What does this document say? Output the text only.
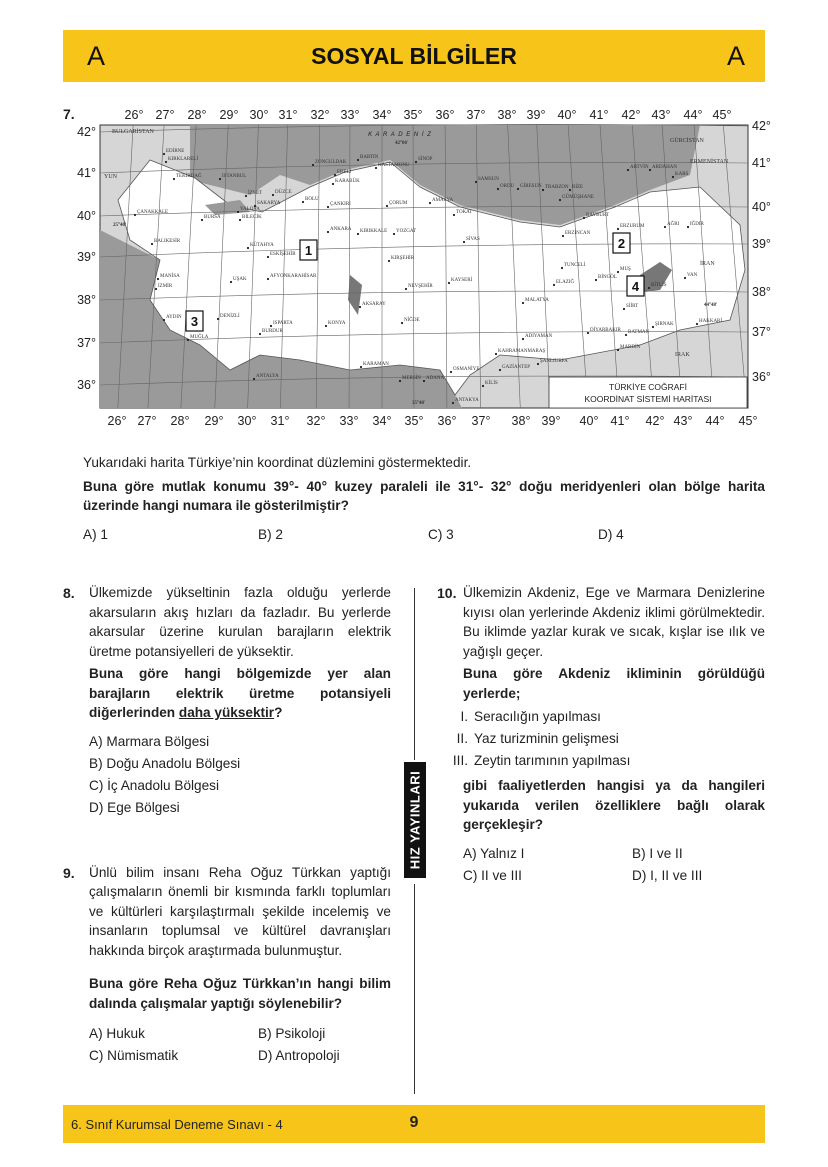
A	SOSYAL BİLGİLER	A
7.	26°
26°
27°
27°
28°
28°
29°
29°
30°
30°
31°
31°
32°
32°
33°
33°
34°
34°
35°
35°
36°
36°
37°
37°
38°
38°
39°
39°
40°
40°
41°
41°
42°
42°
43°
43°
44°
44°
45°
45°
42°	42°
41°
41°
40°
40°
39°
39°
38°
38°
37°
37°
36°
36°
1	2
3
4
TÜRKİYE COĞRAFİ
KOORDİNAT SİSTEMİ HARİTASI
K A R A D E N İ Z
BULGARİSTAN
YUN
GÜRCİSTAN
ERMENİSTAN
İRAN
IRAK
42°06'
25°40'
44°48'
35°48'
EDİRNE
KIRKLARELİ
TEKİRDAĞ	İSTANBUL
ZONGULDAK
ERELİ
BARTIN
KASTAMONU
SİNOP
KARABÜK	SAMSUN
ARTVİN ARDAHAN
KARS
ORDU GİRESUN TRABZON RİZE
GÜMÜŞHANE
İZMİT	DÜZCE
SAKARYA
BOLU
YALOVA
ÇANKIRI	ÇORUM
AMASYA
TOKAT
BAYBURT
AĞRI IĞDIR
ÇANAKKALE
BURSA	BİLECİK
ANKARA KIRIKKALE YOZGAT
SİVAS
ERZİNCAN
ERZURUM
BALIKESİR
KÜTAHYA
ESKİŞEHİR
KIRŞEHİR
TUNCELİ
BİNGÖL
MUŞ
VAN
MANİSA
İZMİR
UŞAK
AFYONKARAHİSAR
NEVŞEHİR
KAYSERİ	ELAZIĞ
BİTLİS
AKSARAY
MALATYA
SİİRT
AYDIN	DENİZLİ
ISPARTA
BURDUR
KONYA
NİĞDE
ADIYAMAN
DİYARBAKIR BATMAN
ŞIRNAK
HAKKARİ
MUĞLA
KAHRAMANMARAŞ
ŞANLIURFA
MARDİN
OSMANİYE	GAZİANTEP
KARAMAN
ANTALYA	MERSİN ADANA
KİLİS
ANTAKYA
Yukarıdaki harita Türkiye’nin koordinat düzlemini göstermektedir.
Buna göre mutlak konumu 39°- 40° kuzey paraleli ile 31°- 32° doğu meridyenleri olan bölge harita üzerinde hangi numara ile gösterilmiştir?
A) 1	B) 2	C) 3	D) 4
8. Ülkemizde yükseltinin fazla olduğu yerlerde akarsuların akış hızları da fazladır. Bu yerlerde akarsular üzerine kurulan barajların elektrik üretme potansiyelleri de yüksektir.
Buna göre hangi bölgemizde yer alan barajların elektrik üretme potansiyeli diğerlerinden daha yüksektir?
A) Marmara Bölgesi
B) Doğu Anadolu Bölgesi
C) İç Anadolu Bölgesi
D) Ege Bölgesi
9. Ünlü bilim insanı Reha Oğuz Türkkan yaptığı çalışmaların önemli bir kısmında farklı toplumları ve kültürleri karşılaştırmalı şekilde incelemiş ve insanların toplumsal ve kültürel davranışları hakkında birçok araştırmada bulunmuştur.
Buna göre Reha Oğuz Türkkan’ın hangi bilim dalında çalışmalar yaptığı söylenebilir?
A) Hukuk	B) Psikoloji
C) Nümismatik	D) Antropoloji
HIZ YAYINLARI
10. Ülkemizin Akdeniz, Ege ve Marmara Denizlerine kıyısı olan yerlerinde Akdeniz iklimi görülmektedir. Bu iklimde yazlar kurak ve sıcak, kışlar ise ılık ve yağışlı geçer.
Buna göre Akdeniz ikliminin görüldüğü yerlerde;
I. Seracılığın yapılması
II. Yaz turizminin gelişmesi
III. Zeytin tarımının yapılması
gibi faaliyetlerden hangisi ya da hangileri yukarıda verilen özelliklere bağlı olarak gerçekleşir?
A) Yalnız I	B) I ve II
C) II ve III	D) I, II ve III
6. Sınıf Kurumsal Deneme Sınavı - 4	9
